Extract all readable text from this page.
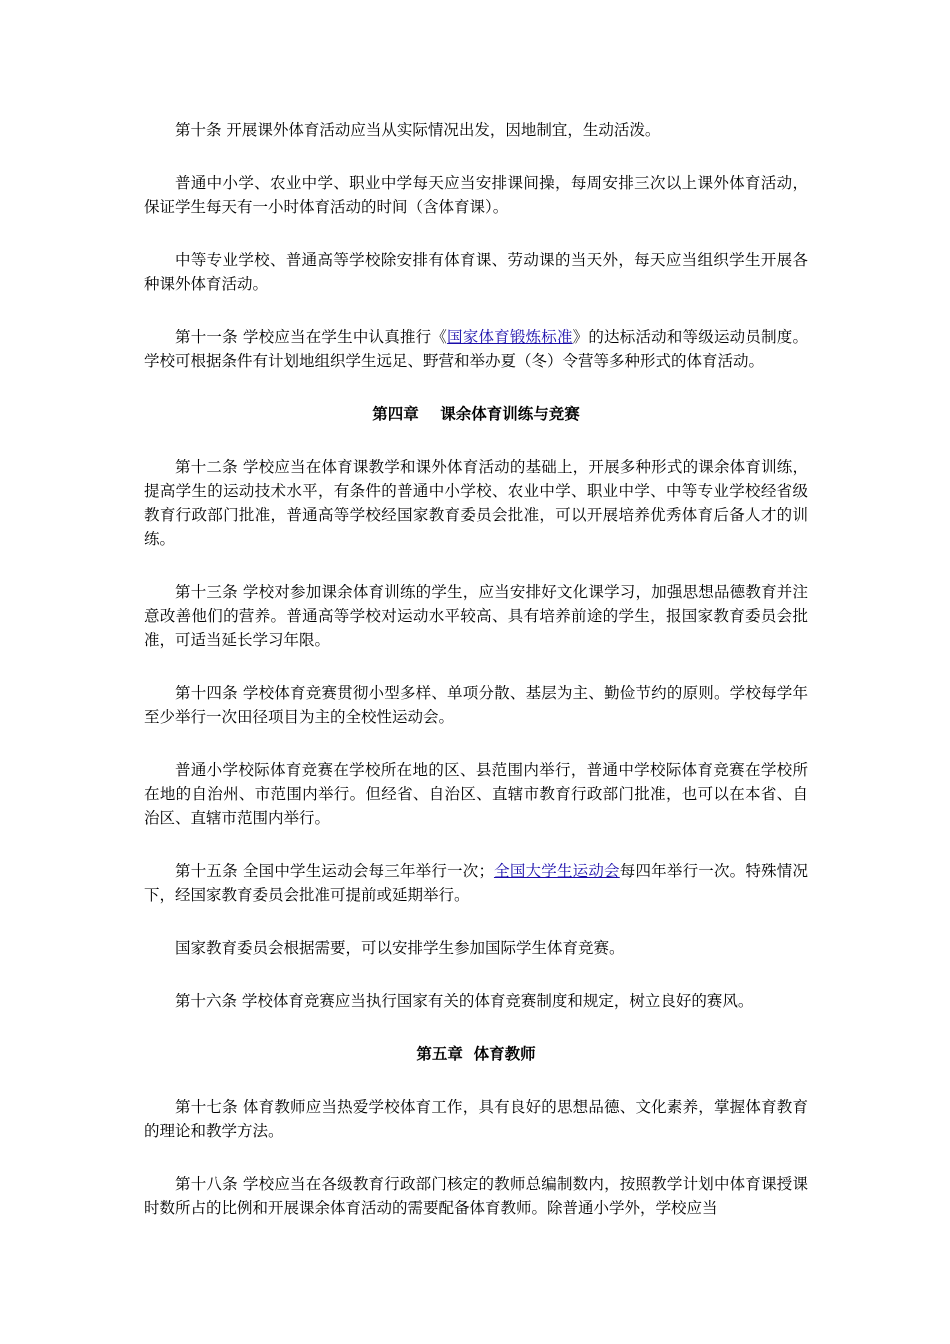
第十条 开展课外体育活动应当从实际情况出发，因地制宜，生动活泼。

普通中小学、农业中学、职业中学每天应当安排课间操，每周安排三次以上课外体育活动，保证学生每天有一小时体育活动的时间（含体育课）。

中等专业学校、普通高等学校除安排有体育课、劳动课的当天外，每天应当组织学生开展各种课外体育活动。

第十一条 学校应当在学生中认真推行《国家体育锻炼标准》的达标活动和等级运动员制度。学校可根据条件有计划地组织学生远足、野营和举办夏（冬）令营等多种形式的体育活动。

第四章    课余体育训练与竞赛

第十二条 学校应当在体育课教学和课外体育活动的基础上，开展多种形式的课余体育训练，提高学生的运动技术水平，有条件的普通中小学校、农业中学、职业中学、中等专业学校经省级教育行政部门批准，普通高等学校经国家教育委员会批准，可以开展培养优秀体育后备人才的训练。

第十三条 学校对参加课余体育训练的学生，应当安排好文化课学习，加强思想品德教育并注意改善他们的营养。普通高等学校对运动水平较高、具有培养前途的学生，报国家教育委员会批准，可适当延长学习年限。

第十四条 学校体育竞赛贯彻小型多样、单项分散、基层为主、勤俭节约的原则。学校每学年至少举行一次田径项目为主的全校性运动会。

普通小学校际体育竞赛在学校所在地的区、县范围内举行，普通中学校际体育竞赛在学校所在地的自治州、市范围内举行。但经省、自治区、直辖市教育行政部门批准，也可以在本省、自治区、直辖市范围内举行。

第十五条 全国中学生运动会每三年举行一次；全国大学生运动会每四年举行一次。特殊情况下，经国家教育委员会批准可提前或延期举行。

国家教育委员会根据需要，可以安排学生参加国际学生体育竞赛。

第十六条 学校体育竞赛应当执行国家有关的体育竞赛制度和规定，树立良好的赛风。

第五章  体育教师

第十七条 体育教师应当热爱学校体育工作，具有良好的思想品德、文化素养，掌握体育教育的理论和教学方法。

第十八条 学校应当在各级教育行政部门核定的教师总编制数内，按照教学计划中体育课授课时数所占的比例和开展课余体育活动的需要配备体育教师。除普通小学外，学校应当
